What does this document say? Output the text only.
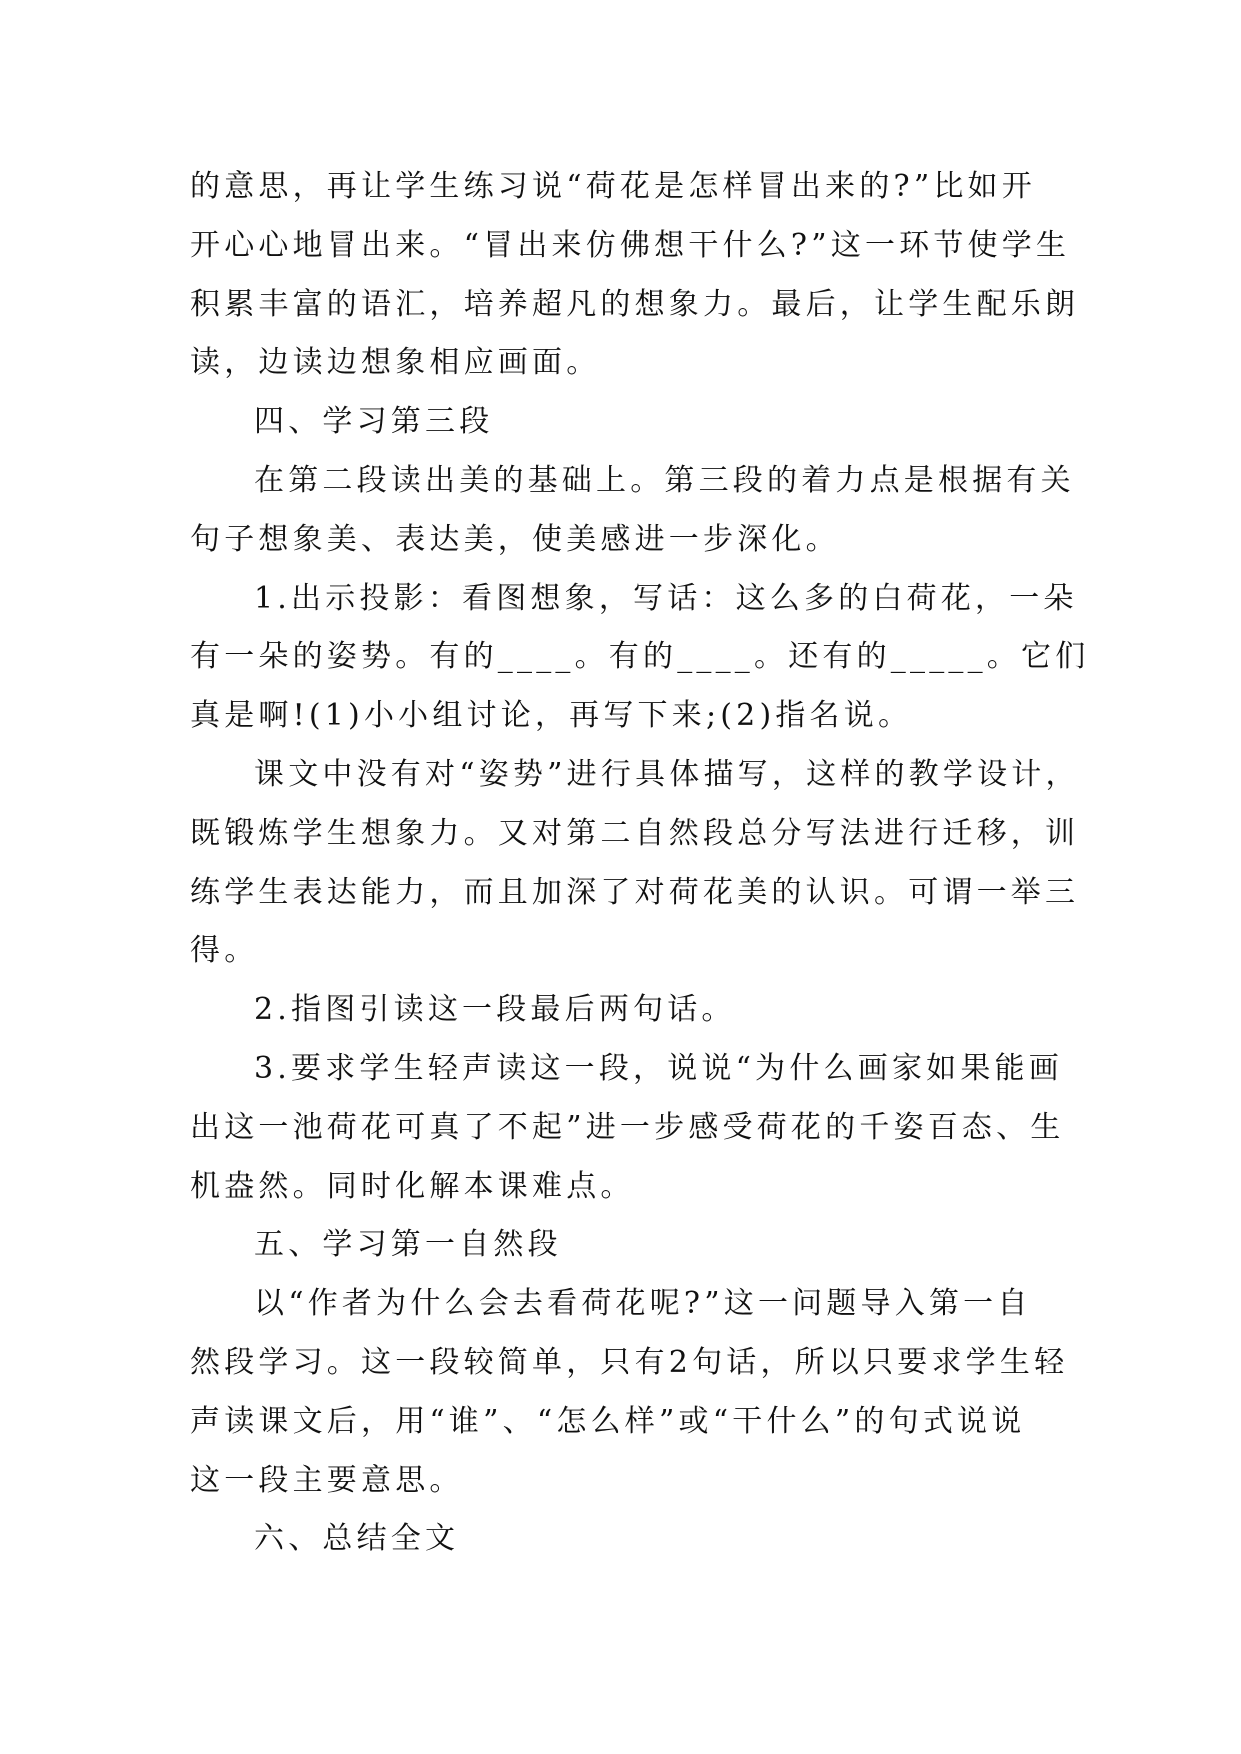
的意思，再让学生练习说“荷花是怎样冒出来的?”比如开
开心心地冒出来。“冒出来仿佛想干什么?”这一环节使学生
积累丰富的语汇，培养超凡的想象力。最后，让学生配乐朗
读，边读边想象相应画面。
四、学习第三段
在第二段读出美的基础上。第三段的着力点是根据有关
句子想象美、表达美，使美感进一步深化。
1.出示投影：看图想象，写话：这么多的白荷花，一朵
有一朵的姿势。有的____。有的____。还有的_____。它们
真是啊!(1)小小组讨论，再写下来;(2)指名说。
课文中没有对“姿势”进行具体描写，这样的教学设计，
既锻炼学生想象力。又对第二自然段总分写法进行迁移，训
练学生表达能力，而且加深了对荷花美的认识。可谓一举三
得。
2.指图引读这一段最后两句话。
3.要求学生轻声读这一段，说说“为什么画家如果能画
出这一池荷花可真了不起”进一步感受荷花的千姿百态、生
机盎然。同时化解本课难点。
五、学习第一自然段
以“作者为什么会去看荷花呢?”这一问题导入第一自
然段学习。这一段较简单，只有2句话，所以只要求学生轻
声读课文后，用“谁”、“怎么样”或“干什么”的句式说说
这一段主要意思。
六、总结全文
